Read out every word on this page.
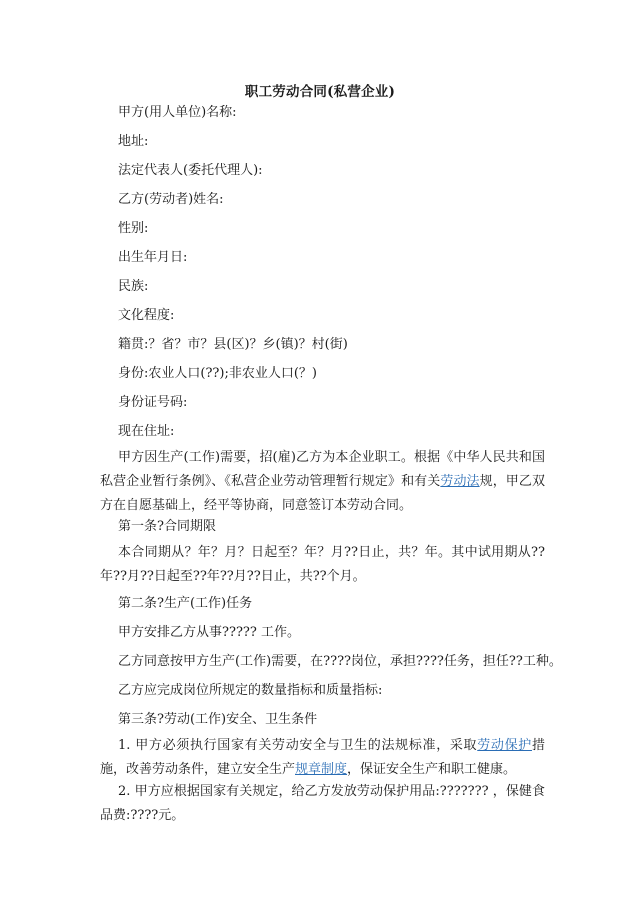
职工劳动合同(私营企业)
甲方(用人单位)名称:
地址:
法定代表人(委托代理人):
乙方(劳动者)姓名:
性别:
出生年月日:
民族:
文化程度:
籍贯:？省？市？县(区)？乡(镇)？村(街)
身份:农业人口(??);非农业人口(？)
身份证号码:
现在住址:
甲方因生产(工作)需要，招(雇)乙方为本企业职工。根据《中华人民共和国私营企业暂行条例》、《私营企业劳动管理暂行规定》和有关劳动法规，甲乙双方在自愿基础上，经平等协商，同意签订本劳动合同。
第一条?合同期限
本合同期从？年？月？日起至？年？月??日止，共？年。其中试用期从??年??月??日起至??年??月??日止，共??个月。
第二条?生产(工作)任务
甲方安排乙方从事????? 工作。
乙方同意按甲方生产(工作)需要，在????岗位，承担????任务，担任??工种。
乙方应完成岗位所规定的数量指标和质量指标:
第三条?劳动(工作)安全、卫生条件
1. 甲方必须执行国家有关劳动安全与卫生的法规标准，采取劳动保护措施，改善劳动条件，建立安全生产规章制度，保证安全生产和职工健康。
2. 甲方应根据国家有关规定，给乙方发放劳动保护用品:??????? ，保健食品费:????元。
